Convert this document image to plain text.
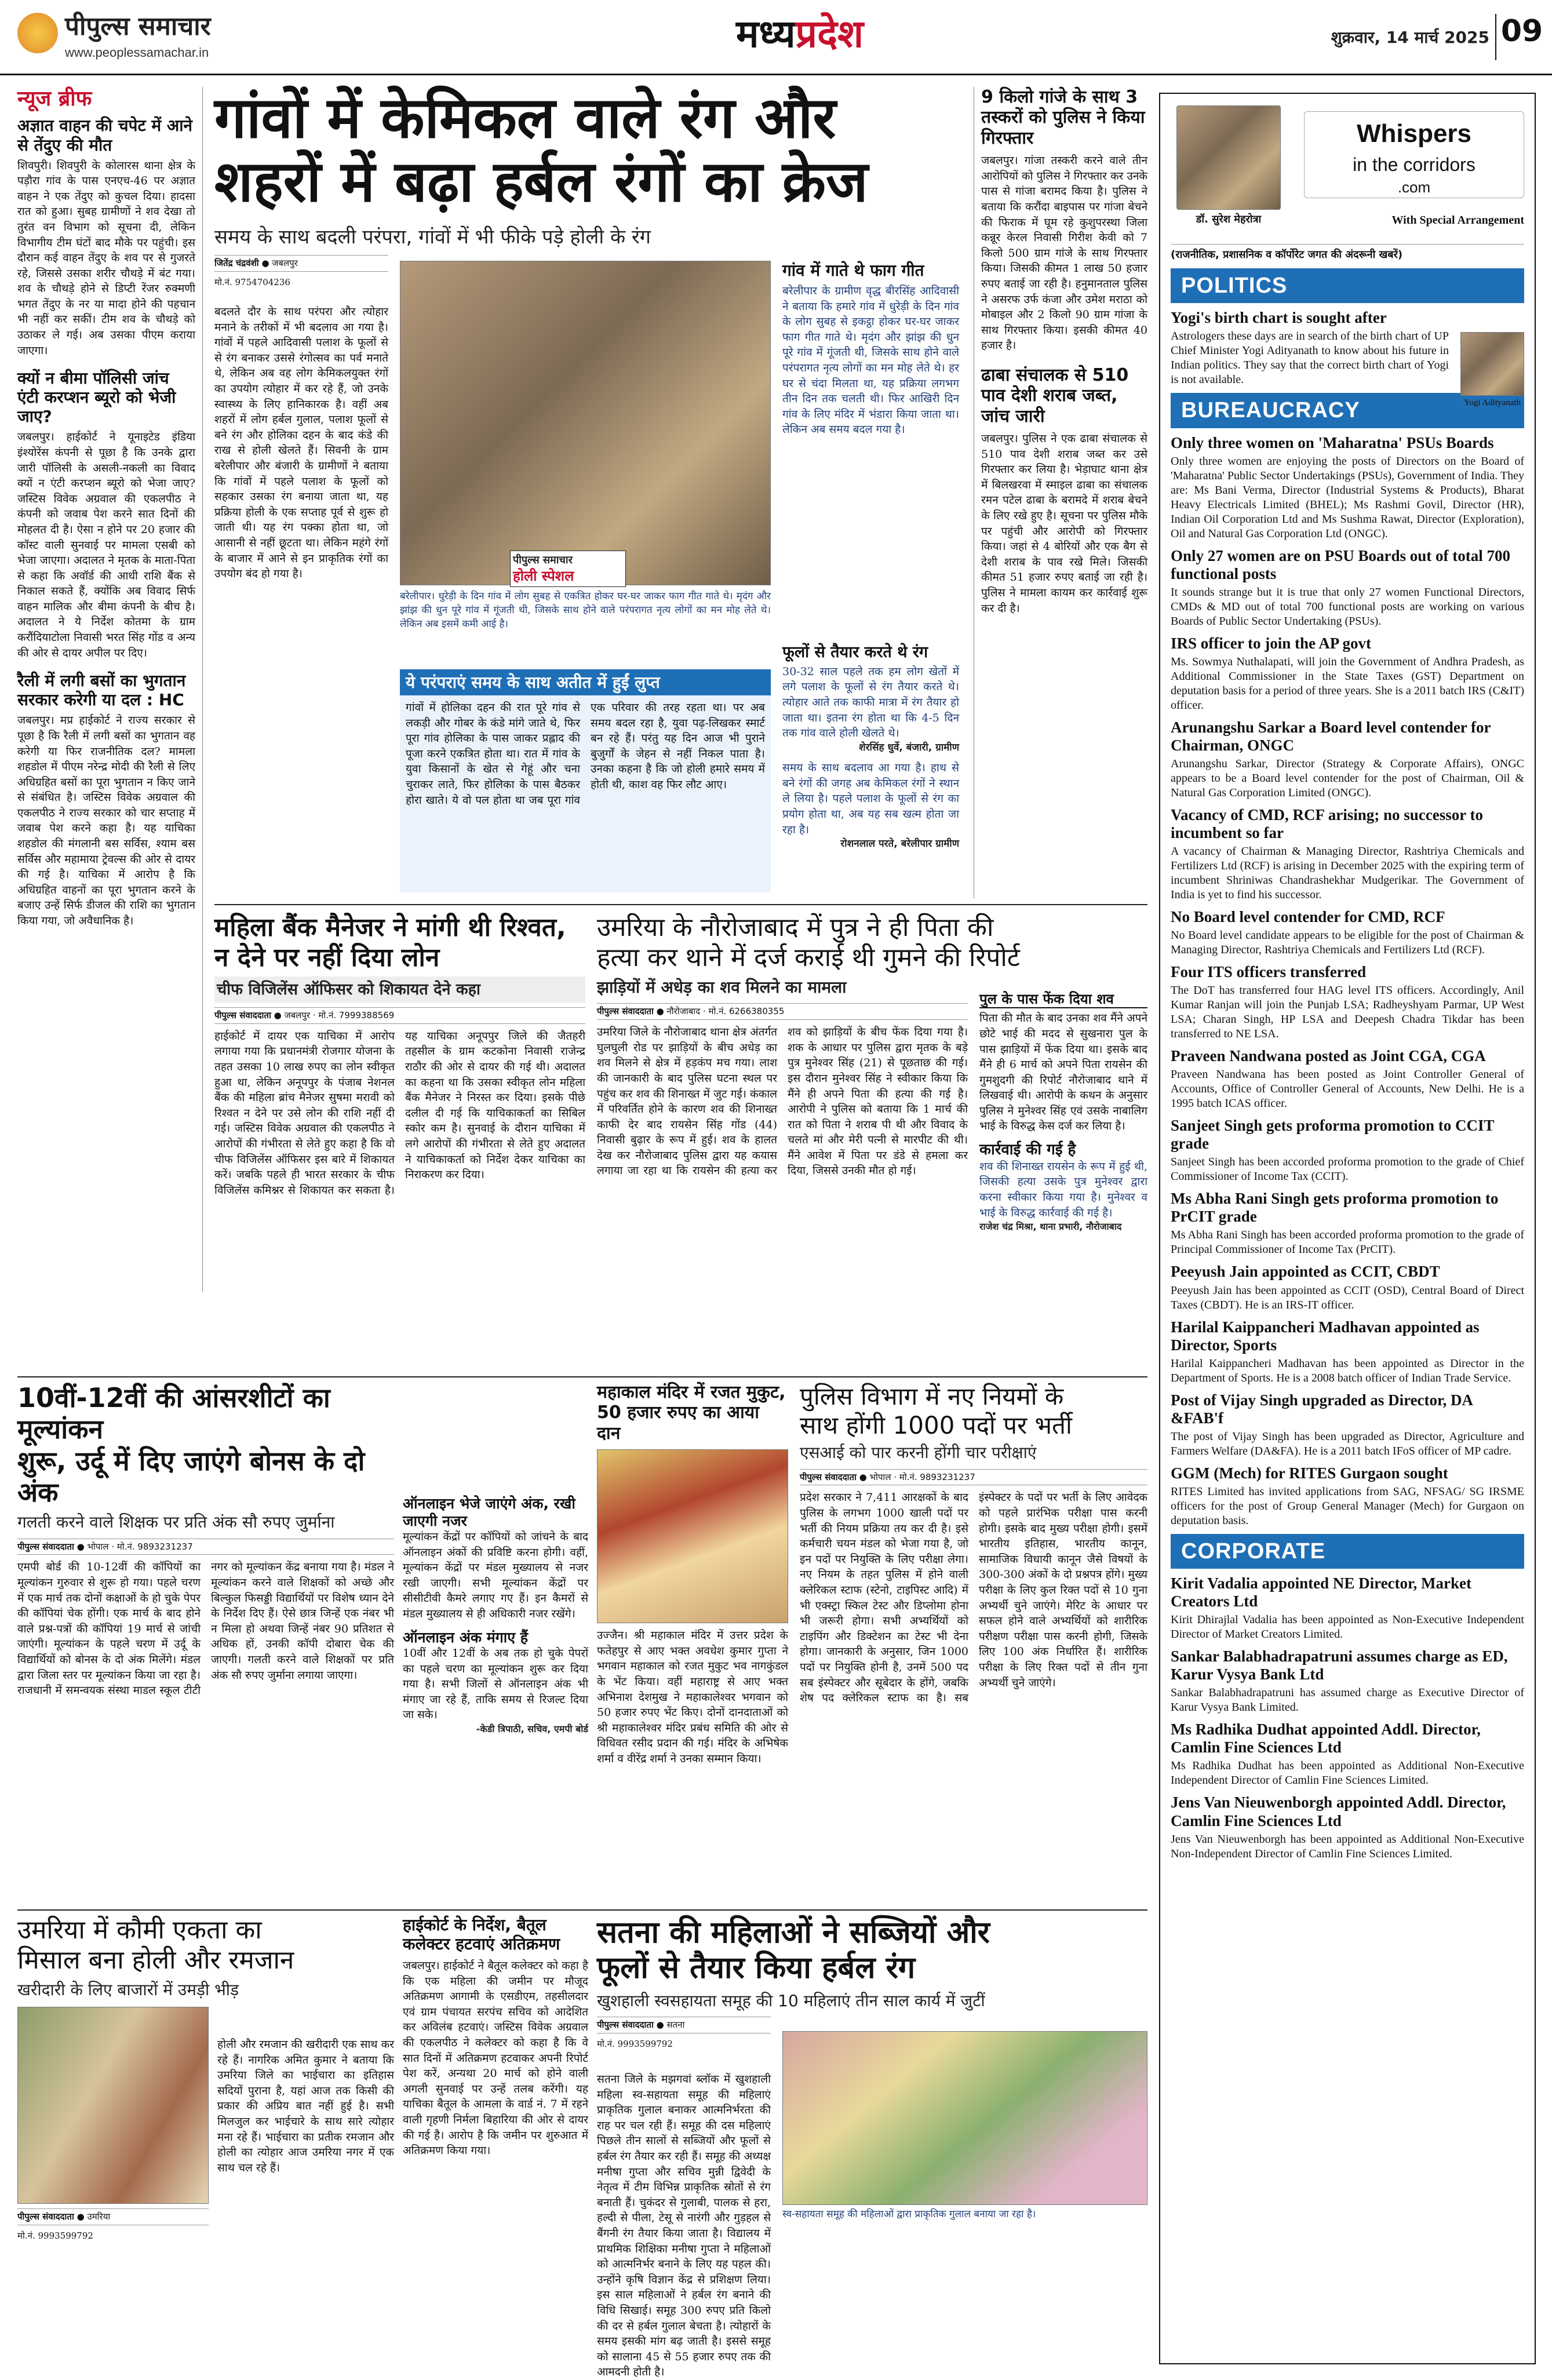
पीपुल्स समाचार
www.peoplessamachar.in	मध्यप्रदेश	शुक्रवार, 14 मार्च 2025 09
न्यूज ब्रीफ
अज्ञात वाहन की चपेट में आने से तेंदुए की मौत
शिवपुरी। शिवपुरी के कोलारस थाना क्षेत्र के पड़ौरा गांव के पास एनएच-46 पर अज्ञात वाहन ने एक तेंदुए को कुचल दिया। हादसा रात को हुआ। सुबह ग्रामीणों ने शव देखा तो तुरंत वन विभाग को सूचना दी, लेकिन विभागीय टीम घंटों बाद मौके पर पहुंची। इस दौरान कई वाहन तेंदुए के शव पर से गुजरते रहे, जिससे उसका शरीर चौथड़े में बंट गया। शव के चौथड़े होने से डिप्टी रेंजर रुक्मणी भगत तेंदुए के नर या मादा होने की पहचान भी नहीं कर सकीं। टीम शव के चौथड़े को उठाकर ले गई। अब उसका पीएम कराया जाएगा।
क्यों न बीमा पॉलिसी जांच एंटी करप्शन ब्यूरो को भेजी जाए?
जबलपुर। हाईकोर्ट ने यूनाइटेड इंडिया इंश्योरेंस कंपनी से पूछा है कि उनके द्वारा जारी पॉलिसी के असली-नकली का विवाद क्यों न एंटी करप्शन ब्यूरो को भेजा जाए? जस्टिस विवेक अग्रवाल की एकलपीठ ने कंपनी को जवाब पेश करने सात दिनों की मोहलत दी है। ऐसा न होने पर 20 हजार की कॉस्ट वाली सुनवाई पर मामला एसबी को भेजा जाएगा। अदालत ने मृतक के माता-पिता से कहा कि अवॉर्ड की आधी राशि बैंक से निकाल सकते हैं, क्योंकि अब विवाद सिर्फ वाहन मालिक और बीमा कंपनी के बीच है। अदालत ने ये निर्देश कोतमा के ग्राम करौंदियाटोला निवासी भरत सिंह गोंड व अन्य की ओर से दायर अपील पर दिए।
रैली में लगी बसों का भुगतान सरकार करेगी या दल : HC
जबलपुर। मप्र हाईकोर्ट ने राज्य सरकार से पूछा है कि रैली में लगी बसों का भुगतान वह करेगी या फिर राजनीतिक दल? मामला शहडोल में पीएम नरेन्द्र मोदी की रैली से लिए अधिग्रहित बसों का पूरा भुगतान न किए जाने से संबंधित है। जस्टिस विवेक अग्रवाल की एकलपीठ ने राज्य सरकार को चार सप्ताह में जवाब पेश करने कहा है। यह याचिका शहडोल की मंगलानी बस सर्विस, श्याम बस सर्विस और महामाया ट्रेवल्स की ओर से दायर की गई है। याचिका में आरोप है कि अधिग्रहित वाहनों का पूरा भुगतान करने के बजाए उन्हें सिर्फ डीजल की राशि का भुगतान किया गया, जो अवैधानिक है।
गांवों में केमिकल वाले रंग और
शहरों में बढ़ा हर्बल रंगों का क्रेज
समय के साथ बदली परंपरा, गांवों में भी फीके पड़े होली के रंग
जितेंद्र चंद्रवंशी ● जबलपुर
मो.नं. 9754704236
बदलते दौर के साथ परंपरा और त्योहार मनाने के तरीकों में भी बदलाव आ गया है। गांवों में पहले आदिवासी पलाश के फूलों से से रंग बनाकर उससे रंगोत्सव का पर्व मनाते थे, लेकिन अब वह लोग केमिकलयुक्त रंगों का उपयोग त्योहार में कर रहे हैं, जो उनके स्वास्थ्य के लिए हानिकारक है। वहीं अब शहरों में लोग हर्बल गुलाल, पलाश फूलों से बने रंग और होलिका दहन के बाद कंडे की राख से होली खेलते हैं। सिवनी के ग्राम बरेलीपार और बंजारी के ग्रामीणों ने बताया कि गांवों में पहले पलाश के फूलों को सहकार उसका रंग बनाया जाता था, यह प्रक्रिया होली के एक सप्ताह पूर्व से शुरू हो जाती थी। यह रंग पक्का होता था, जो आसानी से नहीं छूटता था। लेकिन महंगे रंगों के बाजार में आने से इन प्राकृतिक रंगों का उपयोग बंद हो गया है।
पीपुल्स समाचार
होली स्पेशल
बरेलीपार। धुरेड़ी के दिन गांव में लोग सुबह से एकत्रित होकर घर-घर जाकर फाग गीत गाते थे। मृदंग और झांझ की धुन पूरे गांव में गूंजती थी, जिसके साथ होने वाले परंपरागत नृत्य लोगों का मन मोह लेते थे। लेकिन अब इसमें कमी आई है।
गांव में गाते थे फाग गीत
बरेलीपार के ग्रामीण वृद्ध बीरसिंह आदिवासी ने बताया कि हमारे गांव में धुरेड़ी के दिन गांव के लोग सुबह से इकट्ठा होकर घर-घर जाकर फाग गीत गाते थे। मृदंग और झांझ की धुन पूरे गांव में गूंजती थी, जिसके साथ होने वाले परंपरागत नृत्य लोगों का मन मोह लेते थे। हर घर से चंदा मिलता था, यह प्रक्रिया लगभग तीन दिन तक चलती थी। फिर आखिरी दिन गांव के लिए मंदिर में भंडारा किया जाता था। लेकिन अब समय बदल गया है।
ये परंपराएं समय के साथ अतीत में हुईं लुप्त
गांवों में होलिका दहन की रात पूरे गांव से लकड़ी और गोबर के कंडे मांगे जाते थे, फिर पूरा गांव होलिका के पास जाकर प्रह्लाद की पूजा करने एकत्रित होता था। रात में गांव के युवा किसानों के खेत से गेहूं और चना चुराकर लाते, फिर होलिका के पास बैठकर होरा खाते। ये वो पल होता था जब पूरा गांव एक परिवार की तरह रहता था। पर अब समय बदल रहा है, युवा पढ़-लिखकर स्मार्ट बन रहे हैं। परंतु यह दिन आज भी पुराने बुजुर्गों के जेहन से नहीं निकल पाता है। उनका कहना है कि जो होली हमारे समय में होती थी, काश वह फिर लौट आए।
फूलों से तैयार करते थे रंग
30-32 साल पहले तक हम लोग खेतों में लगे पलाश के फूलों से रंग तैयार करते थे। त्योहार आते तक काफी मात्रा में रंग तैयार हो जाता था। इतना रंग होता था कि 4-5 दिन तक गांव वाले होली खेलते थे।
शेरसिंह धुर्वे, बंजारी, ग्रामीण
समय के साथ बदलाव आ गया है। हाथ से बने रंगों की जगह अब केमिकल रंगों ने स्थान ले लिया है। पहले पलाश के फूलों से रंग का प्रयोग होता था, अब यह सब खत्म होता जा रहा है।
रोशनलाल परते, बरेलीपार ग्रामीण
9 किलो गांजे के साथ 3 तस्करों को पुलिस ने किया गिरफ्तार
जबलपुर। गांजा तस्करी करने वाले तीन आरोपियों को पुलिस ने गिरफ्तार कर उनके पास से गांजा बरामद किया है। पुलिस ने बताया कि करौंदा बाइपास पर गांजा बेचने की फिराक में घूम रहे कुशुपरस्था जिला कन्नूर केरल निवासी गिरीश केवी को 7 किलो 500 ग्राम गांजे के साथ गिरफ्तार किया। जिसकी कीमत 1 लाख 50 हजार रुपए बताई जा रही है। हनुमानताल पुलिस ने असरफ उर्फ कंजा और उमेश मराठा को मोबाइल और 2 किलो 90 ग्राम गांजा के साथ गिरफ्तार किया। इसकी कीमत 40 हजार है।
ढाबा संचालक से 510 पाव देशी शराब जब्त, जांच जारी
जबलपुर। पुलिस ने एक ढाबा संचालक से 510 पाव देशी शराब जब्त कर उसे गिरफ्तार कर लिया है। भेड़ाघाट थाना क्षेत्र में बिलखरवा में स्माइल ढाबा का संचालक रमन पटेल ढाबा के बरामदे में शराब बेचने के लिए रखे हुए है। सूचना पर पुलिस मौके पर पहुंची और आरोपी को गिरफ्तार किया। जहां से 4 बोरियों और एक बैग से देशी शराब के पाव रखे मिले। जिसकी कीमत 51 हजार रुपए बताई जा रही है। पुलिस ने मामला कायम कर कार्रवाई शुरू कर दी है।
महिला बैंक मैनेजर ने मांगी थी रिश्वत, न देने पर नहीं दिया लोन
चीफ विजिलेंस ऑफिसर को शिकायत देने कहा
पीपुल्स संवाददाता ● जबलपुर · मो.नं. 7999388569
हाईकोर्ट में दायर एक याचिका में आरोप लगाया गया कि प्रधानमंत्री रोजगार योजना के तहत उसका 10 लाख रुपए का लोन स्वीकृत हुआ था, लेकिन अनूपपुर के पंजाब नेशनल बैंक की महिला ब्रांच मैनेजर सुषमा मरावी को रिश्वत न देने पर उसे लोन की राशि नहीं दी गई। जस्टिस विवेक अग्रवाल की एकलपीठ ने आरोपों की गंभीरता से लेते हुए कहा है कि वो चीफ विजिलेंस ऑफिसर इस बारे में शिकायत करें। जबकि पहले ही भारत सरकार के चीफ विजिलेंस कमिश्नर से शिकायत कर सकता है। यह याचिका अनूपपुर जिले की जैतहरी तहसील के ग्राम कटकोना निवासी राजेन्द्र राठौर की ओर से दायर की गई थी। अदालत का कहना था कि उसका स्वीकृत लोन महिला बैंक मैनेजर ने निरस्त कर दिया। इसके पीछे दलील दी गई कि याचिकाकर्ता का सिबिल स्कोर कम है। सुनवाई के दौरान याचिका में लगे आरोपों की गंभीरता से लेते हुए अदालत ने याचिकाकर्ता को निर्देश देकर याचिका का निराकरण कर दिया।
उमरिया के नौरोजाबाद में पुत्र ने ही पिता की
हत्या कर थाने में दर्ज कराई थी गुमने की रिपोर्ट
झाड़ियों में अधेड़ का शव मिलने का मामला
पीपुल्स संवाददाता ● नौरोजाबाद · मो.नं. 6266380355
उमरिया जिले के नौरोजाबाद थाना क्षेत्र अंतर्गत घुलघुली रोड पर झाड़ियों के बीच अधेड़ का शव मिलने से क्षेत्र में हड़कंप मच गया। लाश की जानकारी के बाद पुलिस घटना स्थल पर पहुंच कर शव की शिनाख्त में जुट गई। कंकाल में परिवर्तित होने के कारण शव की शिनाख्त काफी देर बाद रायसेन सिंह गोंड (44) निवासी बुढ़ार के रूप में हुई। शव के हालत देख कर नौरोजाबाद पुलिस द्वारा यह कयास लगाया जा रहा था कि रायसेन की हत्या कर शव को झाड़ियों के बीच फेंक दिया गया है। शक के आधार पर पुलिस द्वारा मृतक के बड़े पुत्र मुनेश्वर सिंह (21) से पूछताछ की गई। इस दौरान मुनेश्वर सिंह ने स्वीकार किया कि मैंने ही अपने पिता की हत्या की गई है। आरोपी ने पुलिस को बताया कि 1 मार्च की रात को पिता ने शराब पी थी और विवाद के चलते मां और मेरी पत्नी से मारपीट की थी। मैंने आवेश में पिता पर डंडे से हमला कर दिया, जिससे उनकी मौत हो गई।
पुल के पास फेंक दिया शव
पिता की मौत के बाद उनका शव मैंने अपने छोटे भाई की मदद से सुखनारा पुल के पास झाड़ियों में फेंक दिया था। इसके बाद मैंने ही 6 मार्च को अपने पिता रायसेन की गुमशुदगी की रिपोर्ट नौरोजाबाद थाने में लिखवाई थी। आरोपी के कथन के अनुसार पुलिस ने मुनेश्वर सिंह एवं उसके नाबालिग भाई के विरुद्ध केस दर्ज कर लिया है।
कार्रवाई की गई है
शव की शिनाख्त रायसेन के रूप में हुई थी, जिसकी हत्या उसके पुत्र मुनेश्वर द्वारा करना स्वीकार किया गया है। मुनेश्वर व भाई के विरुद्ध कार्रवाई की गई है।
राजेश चंद्र मिश्रा, थाना प्रभारी, नौरोजाबाद
10वीं-12वीं की आंसरशीटों का मूल्यांकन
शुरू, उर्दू में दिए जाएंगे बोनस के दो अंक
गलती करने वाले शिक्षक पर प्रति अंक सौ रुपए जुर्माना
पीपुल्स संवाददाता ● भोपाल · मो.नं. 9893231237
एमपी बोर्ड की 10-12वीं की कॉपियों का मूल्यांकन गुरुवार से शुरू हो गया। पहले चरण में एक मार्च तक दोनों कक्षाओं के हो चुके पेपर की कॉपियां चेक होंगी। एक मार्च के बाद होने वाले प्रश्न-पत्रों की कॉपियां 19 मार्च से जांची जाएंगी। मूल्यांकन के पहले चरण में उर्दू के विद्यार्थियों को बोनस के दो अंक मिलेंगे। मंडल द्वारा जिला स्तर पर मूल्यांकन किया जा रहा है। राजधानी में समन्वयक संस्था माडल स्कूल टीटी नगर को मूल्यांकन केंद्र बनाया गया है। मंडल ने मूल्यांकन करने वाले शिक्षकों को अच्छे और बिल्कुल फिसड्डी विद्यार्थियों पर विशेष ध्यान देने के निर्देश दिए हैं। ऐसे छात्र जिन्हें एक नंबर भी न मिला हो अथवा जिन्हें नंबर 90 प्रतिशत से अधिक हों, उनकी कॉपी दोबारा चेक की जाएगी। गलती करने वाले शिक्षकों पर प्रति अंक सौ रुपए जुर्माना लगाया जाएगा।
ऑनलाइन भेजे जाएंगे अंक, रखी जाएगी नजर
मूल्यांकन केंद्रों पर कॉपियों को जांचने के बाद ऑनलाइन अंकों की प्रविष्टि करना होगी। वहीं, मूल्यांकन केंद्रों पर मंडल मुख्यालय से नजर रखी जाएगी। सभी मूल्यांकन केंद्रों पर सीसीटीवी कैमरे लगाए गए हैं। इन कैमरों से मंडल मुख्यालय से ही अधिकारी नजर रखेंगे।
ऑनलाइन अंक मंगाए हैं
10वीं और 12वीं के अब तक हो चुके पेपरों का पहले चरण का मूल्यांकन शुरू कर दिया गया है। सभी जिलों से ऑनलाइन अंक भी मंगाए जा रहे हैं, ताकि समय से रिजल्ट दिया जा सके।
-केडी त्रिपाठी, सचिव, एमपी बोर्ड
महाकाल मंदिर में रजत मुकुट, 50 हजार रुपए का आया दान
उज्जैन। श्री महाकाल मंदिर में उत्तर प्रदेश के फतेहपुर से आए भक्त अवधेश कुमार गुप्ता ने भगवान महाकाल को रजत मुकुट भव नागकुंडल के भेंट किया। वहीं महाराष्ट्र से आए भक्त अभिनाश देशमुख ने महाकालेश्वर भगवान को 50 हजार रुपए भेंट किए। दोनों दानदाताओं को श्री महाकालेश्वर मंदिर प्रबंध समिति की ओर से विधिवत रसीद प्रदान की गई। मंदिर के अभिषेक शर्मा व वीरेंद्र शर्मा ने उनका सम्मान किया।
पुलिस विभाग में नए नियमों के
साथ होंगी 1000 पदों पर भर्ती
एसआई को पार करनी होंगी चार परीक्षाएं
पीपुल्स संवाददाता ● भोपाल · मो.नं. 9893231237
प्रदेश सरकार ने 7,411 आरक्षकों के बाद पुलिस के लगभग 1000 खाली पदों पर भर्ती की नियम प्रक्रिया तय कर दी है। इसे कर्मचारी चयन मंडल को भेजा गया है, जो इन पदों पर नियुक्ति के लिए परीक्षा लेगा। नए नियम के तहत पुलिस में होने वाली क्लेरिकल स्टाफ (स्टेनो, टाइपिस्ट आदि) में भी एक्स्ट्रा स्किल टेस्ट और डिप्लोमा होना भी जरूरी होगा। सभी अभ्यर्थियों को टाइपिंग और डिक्टेशन का टेस्ट भी देना होगा। जानकारी के अनुसार, जिन 1000 पदों पर नियुक्ति होनी है, उनमें 500 पद सब इंस्पेक्टर और सूबेदार के होंगे, जबकि शेष पद क्लेरिकल स्टाफ का है। सब इंस्पेक्टर के पदों पर भर्ती के लिए आवेदक को पहले प्रारंभिक परीक्षा पास करनी होगी। इसके बाद मुख्य परीक्षा होगी। इसमें भारतीय इतिहास, भारतीय कानून, सामाजिक विधायी कानून जैसे विषयों के 300-300 अंकों के दो प्रश्नपत्र होंगे। मुख्य परीक्षा के लिए कुल रिक्त पदों से 10 गुना अभ्यर्थी चुने जाएंगे। मेरिट के आधार पर सफल होने वाले अभ्यर्थियों को शारीरिक परीक्षण परीक्षा पास करनी होगी, जिसके लिए 100 अंक निर्धारित हैं। शारीरिक परीक्षा के लिए रिक्त पदों से तीन गुना अभ्यर्थी चुने जाएंगे।
उमरिया में कौमी एकता का
मिसाल बना होली और रमजान
खरीदारी के लिए बाजारों में उमड़ी भीड़
पीपुल्स संवाददाता ● उमरिया
मो.नं. 9993599792
होली और रमजान की खरीदारी एक साथ कर रहे हैं। नागरिक अमित कुमार ने बताया कि उमरिया जिले का भाईचारा का इतिहास सदियों पुराना है, यहां आज तक किसी की प्रकार की अप्रिय बात नहीं हुई है। सभी मिलजुल कर भाईचारे के साथ सारे त्योहार मना रहे हैं। भाईचारा का प्रतीक रमजान और होली का त्योहार आज उमरिया नगर में एक साथ चल रहे हैं।
हाईकोर्ट के निर्देश, बैतूल कलेक्टर हटवाएं अतिक्रमण
जबलपुर। हाईकोर्ट ने बैतूल कलेक्टर को कहा है कि एक महिला की जमीन पर मौजूद अतिक्रमण आगामी के एसडीएम, तहसीलदार एवं ग्राम पंचायत सरपंच सचिव को आदेशित कर अविलंब हटवाएं। जस्टिस विवेक अग्रवाल की एकलपीठ ने कलेक्टर को कहा है कि वे सात दिनों में अतिक्रमण हटवाकर अपनी रिपोर्ट पेश करें, अन्यथा 20 मार्च को होने वाली अगली सुनवाई पर उन्हें तलब करेंगी। यह याचिका बैतूल के आमला के वार्ड नं. 7 में रहने वाली गृहणी निर्मला बिहारिया की ओर से दायर की गई है। आरोप है कि जमीन पर शुरुआत में अतिक्रमण किया गया।
सतना की महिलाओं ने सब्जियों और
फूलों से तैयार किया हर्बल रंग
खुशहाली स्वसहायता समूह की 10 महिलाएं तीन साल कार्य में जुटीं
पीपुल्स संवाददाता ● सतना
मो.नं. 9993599792
सतना जिले के मझगवां ब्लॉक में खुशहाली महिला स्व-सहायता समूह की महिलाएं प्राकृतिक गुलाल बनाकर आत्मनिर्भरता की राह पर चल रही हैं। समूह की दस महिलाएं पिछले तीन सालों से सब्जियों और फूलों से हर्बल रंग तैयार कर रही हैं। समूह की अध्यक्ष मनीषा गुप्ता और सचिव मुन्नी द्विवेदी के नेतृत्व में टीम विभिन्न प्राकृतिक स्रोतों से रंग बनाती हैं। चुकंदर से गुलाबी, पालक से हरा, हल्दी से पीला, टेसू से नारंगी और गुड़हल से बैंगनी रंग तैयार किया जाता है। विद्यालय में प्राथमिक शिक्षिका मनीषा गुप्ता ने महिलाओं को आत्मनिर्भर बनाने के लिए यह पहल की। उन्होंने कृषि विज्ञान केंद्र से प्रशिक्षण लिया। इस साल महिलाओं ने हर्बल रंग बनाने की विधि सिखाई। समूह 300 रुपए प्रति किलो की दर से हर्बल गुलाल बेचता है। त्योहारों के समय इसकी मांग बढ़ जाती है। इससे समूह को सालाना 45 से 55 हजार रुपए तक की आमदनी होती है।
स्व-सहायता समूह की महिलाओं द्वारा प्राकृतिक गुलाल बनाया जा रहा है।
डॉ. सुरेश मेहरोत्रा
Whispers
in the corridors
.com
With Special Arrangement
(राजनीतिक, प्रशासनिक व कॉर्पोरेट जगत की अंदरूनी खबरें)
POLITICS
Yogi's birth chart is sought after
Astrologers these days are in search of the birth chart of UP Chief Minister Yogi Adityanath to know about his future in Indian politics. They say that the correct birth chart of Yogi is not available.
Yogi Adityanath
BUREAUCRACY
Only three women on 'Maharatna' PSUs Boards
Only three women are enjoying the posts of Directors on the Board of 'Maharatna' Public Sector Undertakings (PSUs), Government of India. They are: Ms Bani Verma, Director (Industrial Systems & Products), Bharat Heavy Electricals Limited (BHEL); Ms Rashmi Govil, Director (HR), Indian Oil Corporation Ltd and Ms Sushma Rawat, Director (Exploration), Oil and Natural Gas Corporation Ltd (ONGC).
Only 27 women are on PSU Boards out of total 700 functional posts
It sounds strange but it is true that only 27 women Functional Directors, CMDs & MD out of total 700 functional posts are working on various Boards of Public Sector Undertaking (PSUs).
IRS officer to join the AP govt
Ms. Sowmya Nuthalapati, will join the Government of Andhra Pradesh, as Additional Commissioner in the State Taxes (GST) Department on deputation basis for a period of three years. She is a 2011 batch IRS (C&IT) officer.
Arunangshu Sarkar a Board level contender for Chairman, ONGC
Arunangshu Sarkar, Director (Strategy & Corporate Affairs), ONGC appears to be a Board level contender for the post of Chairman, Oil & Natural Gas Corporation Limited (ONGC).
Vacancy of CMD, RCF arising; no successor to incumbent so far
A vacancy of Chairman & Managing Director, Rashtriya Chemicals and Fertilizers Ltd (RCF) is arising in December 2025 with the expiring term of incumbent Shriniwas Chandrashekhar Mudgerikar. The Government of India is yet to find his successor.
No Board level contender for CMD, RCF
No Board level candidate appears to be eligible for the post of Chairman & Managing Director, Rashtriya Chemicals and Fertilizers Ltd (RCF).
Four ITS officers transferred
The DoT has transferred four HAG level ITS officers. Accordingly, Anil Kumar Ranjan will join the Punjab LSA; Radheyshyam Parmar, UP West LSA; Charan Singh, HP LSA and Deepesh Chadra Tikdar has been transferred to NE LSA.
Praveen Nandwana posted as Joint CGA, CGA
Praveen Nandwana has been posted as Joint Controller General of Accounts, Office of Controller General of Accounts, New Delhi. He is a 1995 batch ICAS officer.
Sanjeet Singh gets proforma promotion to CCIT grade
Sanjeet Singh has been accorded proforma promotion to the grade of Chief Commissioner of Income Tax (CCIT).
Ms Abha Rani Singh gets proforma promotion to PrCIT grade
Ms Abha Rani Singh has been accorded proforma promotion to the grade of Principal Commissioner of Income Tax (PrCIT).
Peeyush Jain appointed as CCIT, CBDT
Peeyush Jain has been appointed as CCIT (OSD), Central Board of Direct Taxes (CBDT). He is an IRS-IT officer.
Harilal Kaippancheri Madhavan appointed as Director, Sports
Harilal Kaippancheri Madhavan has been appointed as Director in the Department of Sports. He is a 2008 batch officer of Indian Trade Service.
Post of Vijay Singh upgraded as Director, DA &FAB'f
The post of Vijay Singh has been upgraded as Director, Agriculture and Farmers Welfare (DA&FA). He is a 2011 batch IFoS officer of MP cadre.
GGM (Mech) for RITES Gurgaon sought
RITES Limited has invited applications from SAG, NFSAG/ SG IRSME officers for the post of Group General Manager (Mech) for Gurgaon on deputation basis.
CORPORATE
Kirit Vadalia appointed NE Director, Market Creators Ltd
Kirit Dhirajlal Vadalia has been appointed as Non-Executive Independent Director of Market Creators Limited.
Sankar Balabhadrapatruni assumes charge as ED, Karur Vysya Bank Ltd
Sankar Balabhadrapatruni has assumed charge as Executive Director of Karur Vysya Bank Limited.
Ms Radhika Dudhat appointed Addl. Director, Camlin Fine Sciences Ltd
Ms Radhika Dudhat has been appointed as Additional Non-Executive Independent Director of Camlin Fine Sciences Limited.
Jens Van Nieuwenborgh appointed Addl. Director, Camlin Fine Sciences Ltd
Jens Van Nieuwenborgh has been appointed as Additional Non-Executive Non-Independent Director of Camlin Fine Sciences Limited.
